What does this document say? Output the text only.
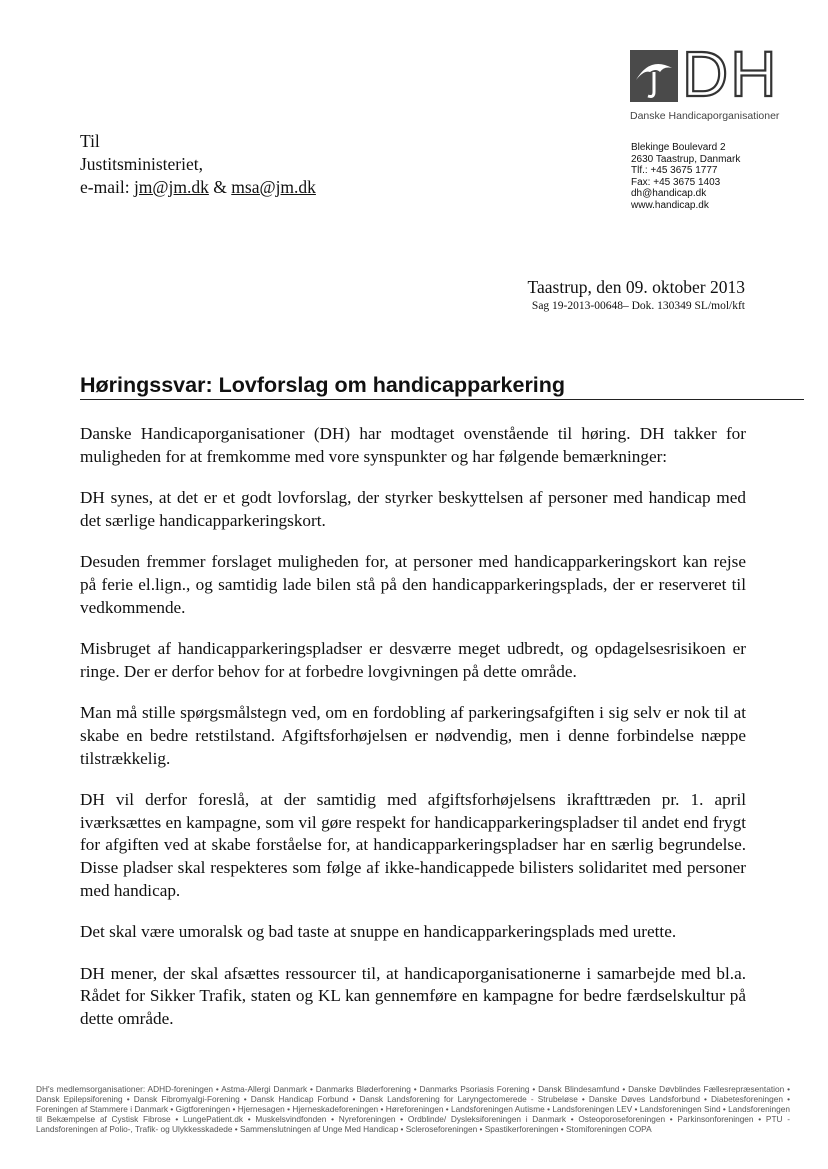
DH
Danske Handicaporganisationer
Blekinge Boulevard 2
2630 Taastrup, Danmark
Tlf.: +45 3675 1777
Fax: +45 3675 1403
dh@handicap.dk
www.handicap.dk
Til
Justitsministeriet,
e-mail: jm@jm.dk & msa@jm.dk
Taastrup, den 09. oktober 2013
Sag 19-2013-00648– Dok. 130349 SL/mol/kft
Høringssvar: Lovforslag om handicapparkering

Danske Handicaporganisationer (DH) har modtaget ovenstående til høring. DH takker for muligheden for at fremkomme med vore synspunkter og har følgende bemærkninger:

DH synes, at det er et godt lovforslag, der styrker beskyttelsen af personer med handicap med det særlige handicapparkeringskort.

Desuden fremmer forslaget muligheden for, at personer med handicapparkeringskort kan rejse på ferie el.lign., og samtidig lade bilen stå på den handicapparkeringsplads, der er reserveret til vedkommende.

Misbruget af handicapparkeringspladser er desværre meget udbredt, og opdagelsesrisikoen er ringe. Der er derfor behov for at forbedre lovgivningen på dette område.

Man må stille spørgsmålstegn ved, om en fordobling af parkeringsafgiften i sig selv er nok til at skabe en bedre retstilstand. Afgiftsforhøjelsen er nødvendig, men i denne forbindelse næppe tilstrækkelig.

DH vil derfor foreslå, at der samtidig med afgiftsforhøjelsens ikrafttræden pr. 1. april iværksættes en kampagne, som vil gøre respekt for handicapparkeringspladser til andet end frygt for afgiften ved at skabe forståelse for, at handicapparkeringspladser har en særlig begrundelse. Disse pladser skal respekteres som følge af ikke-handicappede bilisters solidaritet med personer med handicap.

Det skal være umoralsk og bad taste at snuppe en handicapparkeringsplads med urette.

DH mener, der skal afsættes ressourcer til, at handicaporganisationerne i samarbejde med bl.a. Rådet for Sikker Trafik, staten og KL kan gennemføre en kampagne for bedre færdselskultur på dette område.

DH's medlemsorganisationer: ADHD-foreningen • Astma-Allergi Danmark • Danmarks Bløderforening • Danmarks Psoriasis Forening • Dansk Blindesamfund • Danske Døvblindes Fællesrepræsentation • Dansk Epilepsiforening • Dansk Fibromyalgi-Forening • Dansk Handicap Forbund • Dansk Landsforening for Laryngectomerede - Strubeløse • Danske Døves Landsforbund • Diabetesforeningen • Foreningen af Stammere i Danmark • Gigtforeningen • Hjernesagen • Hjerneskadeforeningen • Høreforeningen • Landsforeningen Autisme • Landsforeningen LEV • Landsforeningen Sind • Landsforeningen til Bekæmpelse af Cystisk Fibrose • LungePatient.dk • Muskelsvindfonden • Nyreforeningen • Ordblinde/ Dysleksiforeningen i Danmark • Osteoporoseforeningen • Parkinsonforeningen • PTU - Landsforeningen af Polio-, Trafik- og Ulykkesskadede • Sammenslutningen af Unge Med Handicap • Scleroseforeningen • Spastikerforeningen • Stomiforeningen COPA
